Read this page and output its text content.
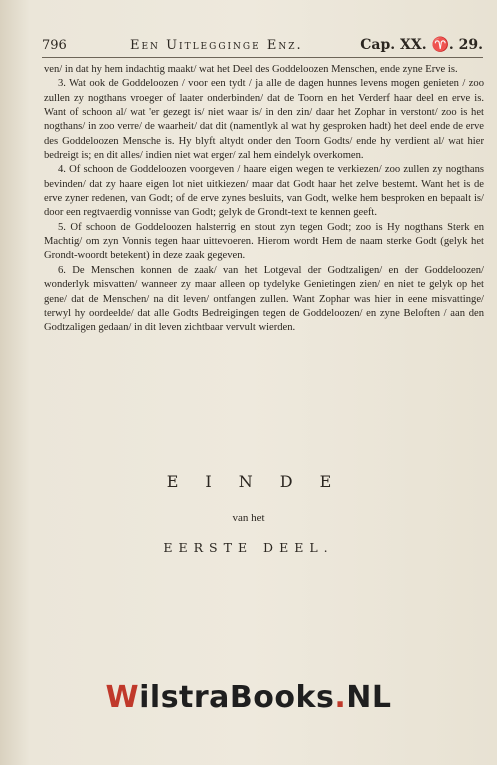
796	Een Uitlegginge Enz.	Cap. XX. ♈. 29.

ven/ in dat hy hem indachtig maakt/ wat het Deel des Goddeloozen Menschen, ende zyne Erve is.

3. Wat ook de Goddeloozen / voor een tydt / ja alle de dagen hunnes levens mogen genieten / zoo zullen zy nogthans vroeger of laater onderbinden/ dat de Toorn en het Verderf haar deel en erve is. Want of schoon al/ wat 'er gezegt is/ niet waar is/ in den zin/ daar het Zophar in verstont/ zoo is het nogthans/ in zoo verre/ de waarheit/ dat dit (namentlyk al wat hy gesproken hadt) het deel ende de erve des Goddeloozen Mensche is. Hy blyft altydt onder den Toorn Godts/ ende hy verdient al/ wat hier bedreigt is; en dit alles/ indien niet wat erger/ zal hem eindelyk overkomen.

4. Of schoon de Goddeloozen voorgeven / haare eigen wegen te verkiezen/ zoo zullen zy nogthans bevinden/ dat zy haare eigen lot niet uitkiezen/ maar dat Godt haar het zelve bestemt. Want het is de erve zyner redenen, van Godt; of de erve zynes besluits, van Godt, welke hem besproken en bepaalt is/ door een regtvaerdig vonnisse van Godt; gelyk de Grondt-text te kennen geeft.

5. Of schoon de Goddeloozen halsterrig en stout zyn tegen Godt; zoo is Hy nogthans Sterk en Machtig/ om zyn Vonnis tegen haar uittevoeren. Hierom wordt Hem de naam sterke Godt (gelyk het Grondt-woordt betekent) in deze zaak gegeven.

6. De Menschen konnen de zaak/ van het Lotgeval der Godtzaligen/ en der Goddeloozen/ wonderlyk misvatten/ wanneer zy maar alleen op tydelyke Genietingen zien/ en niet te gelyk op het gene/ dat de Menschen/ na dit leven/ ontfangen zullen. Want Zophar was hier in eene misvattinge/ terwyl hy oordeelde/ dat alle Godts Bedreigingen tegen de Goddeloozen/ en zyne Beloften / aan den Godtzaligen gedaan/ in dit leven zichtbaar vervult wierden.

EINDE
van het
EERSTE DEEL.
WilstraBooks.NL
